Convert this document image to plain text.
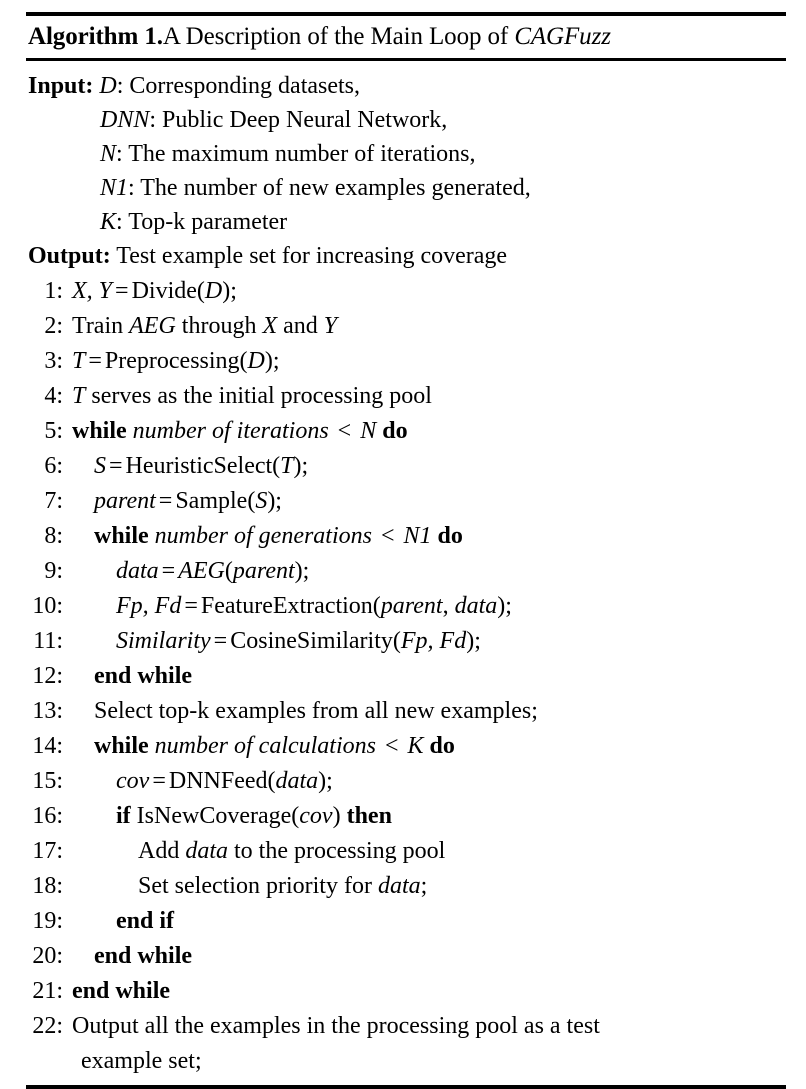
Algorithm 1.A Description of the Main Loop of CAGFuzz
Input: D: Corresponding datasets,
DNN: Public Deep Neural Network,
N: The maximum number of iterations,
N1: The number of new examples generated,
K: Top-k parameter
Output: Test example set for increasing coverage
1: X, Y = Divide(D);
2: Train AEG through X and Y
3: T = Preprocessing(D);
4: T serves as the initial processing pool
5: while number of iterations < N do
6:	S = HeuristicSelect(T);
7:	parent = Sample(S);
8:	while number of generations < N1 do
9:	data = AEG(parent);
10:	Fp, Fd = FeatureExtraction(parent, data);
11:	Similarity = CosineSimilarity(Fp, Fd);
12:	end while
13:	Select top-k examples from all new examples;
14:	while number of calculations < K do
15:	cov = DNNFeed(data);
16:	if IsNewCoverage(cov) then
17:	Add data to the processing pool
18:	Set selection priority for data;
19:	end if
20:	end while
21: end while
22: Output all the examples in the processing pool as a test
example set;
